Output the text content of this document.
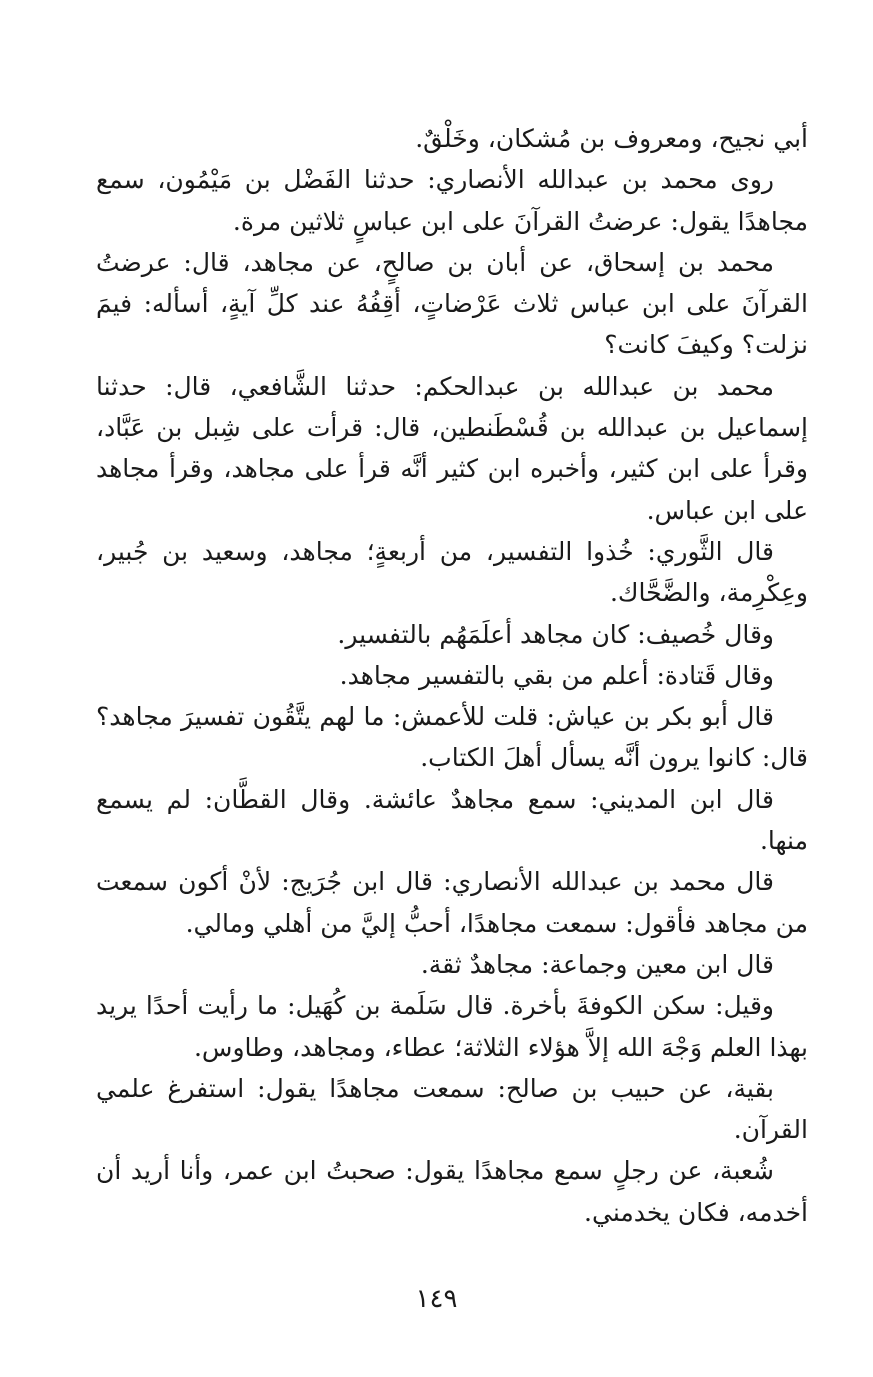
أبي نجيح، ومعروف بن مُشكان، وخَلْقٌ.

روى محمد بن عبدالله الأنصاري: حدثنا الفَضْل بن مَيْمُون، سمع مجاهدًا يقول: عرضتُ القرآنَ على ابن عباسٍ ثلاثين مرة.

محمد بن إسحاق، عن أبان بن صالحٍ، عن مجاهد، قال: عرضتُ القرآنَ على ابن عباس ثلاث عَرْضاتٍ، أقِفُهُ عند كلِّ آيةٍ، أسأله: فيمَ نزلت؟ وكيفَ كانت؟

محمد بن عبدالله بن عبدالحكم: حدثنا الشَّافعي، قال: حدثنا إسماعيل بن عبدالله بن قُسْطَنطين، قال: قرأت على شِبل بن عَبَّاد، وقرأ على ابن كثير، وأخبره ابن كثير أنَّه قرأ على مجاهد، وقرأ مجاهد على ابن عباس.

قال الثَّوري: خُذوا التفسير، من أربعةٍ؛ مجاهد، وسعيد بن جُبير، وعِكْرِمة، والضَّحَّاك.

وقال خُصيف: كان مجاهد أعلَمَهُم بالتفسير.

وقال قَتادة: أعلم من بقي بالتفسير مجاهد.

قال أبو بكر بن عياش: قلت للأعمش: ما لهم يتَّقُون تفسيرَ مجاهد؟ قال: كانوا يرون أنَّه يسأل أهلَ الكتاب.

قال ابن المديني: سمع مجاهدٌ عائشة. وقال القطَّان: لم يسمع منها.

قال محمد بن عبدالله الأنصاري: قال ابن جُرَيج: لأنْ أكون سمعت من مجاهد فأقول: سمعت مجاهدًا، أحبُّ إليَّ من أهلي ومالي.

قال ابن معين وجماعة: مجاهدٌ ثقة.

وقيل: سكن الكوفةَ بأخرة. قال سَلَمة بن كُهَيل: ما رأيت أحدًا يريد بهذا العلم وَجْهَ الله إلاَّ هؤلاء الثلاثة؛ عطاء، ومجاهد، وطاوس.

بقية، عن حبيب بن صالح: سمعت مجاهدًا يقول: استفرغ علمي القرآن.

شُعبة، عن رجلٍ سمع مجاهدًا يقول: صحبتُ ابن عمر، وأنا أريد أن أخدمه، فكان يخدمني.

١٤٩
